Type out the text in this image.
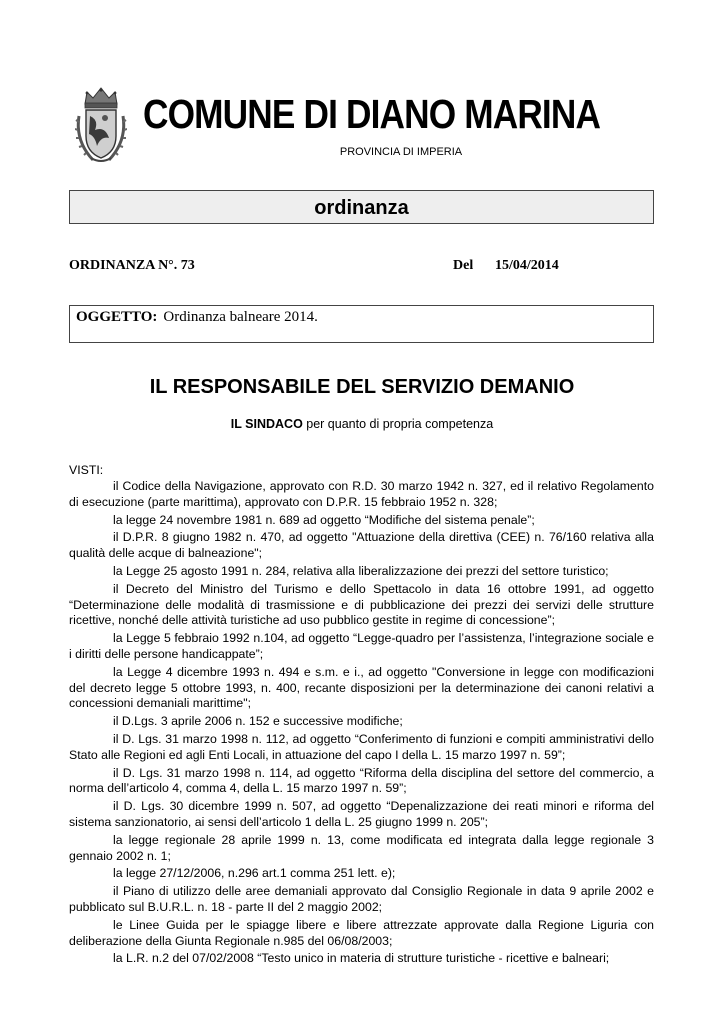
COMUNE DI DIANO MARINA
PROVINCIA DI IMPERIA
ordinanza
ORDINANZA N°. 73	Del 15/04/2014
OGGETTO: Ordinanza balneare 2014.
IL RESPONSABILE DEL SERVIZIO DEMANIO
IL SINDACO per quanto di propria competenza
VISTI:

il Codice della Navigazione, approvato con R.D. 30 marzo 1942 n. 327, ed il relativo Regolamento di esecuzione (parte marittima), approvato con D.P.R. 15 febbraio 1952 n. 328;

la legge 24 novembre 1981 n. 689 ad oggetto “Modifiche del sistema penale”;

il D.P.R. 8 giugno 1982 n. 470, ad oggetto "Attuazione della direttiva (CEE) n. 76/160 relativa alla qualità delle acque di balneazione";

la Legge 25 agosto 1991 n. 284, relativa alla liberalizzazione dei prezzi del settore turistico;

il Decreto del Ministro del Turismo e dello Spettacolo in data 16 ottobre 1991, ad oggetto “Determinazione delle modalità di trasmissione e di pubblicazione dei prezzi dei servizi delle strutture ricettive, nonché delle attività turistiche ad uso pubblico gestite in regime di concessione”;

la Legge 5 febbraio 1992 n.104, ad oggetto “Legge-quadro per l’assistenza, l’integrazione sociale e i diritti delle persone handicappate”;

la Legge 4 dicembre 1993 n. 494 e s.m. e i., ad oggetto "Conversione in legge con modificazioni del decreto legge 5 ottobre 1993, n. 400, recante disposizioni per la determinazione dei canoni relativi a concessioni demaniali marittime";

il D.Lgs. 3 aprile 2006 n. 152 e successive modifiche;

il D. Lgs. 31 marzo 1998 n. 112, ad oggetto “Conferimento di funzioni e compiti amministrativi dello Stato alle Regioni ed agli Enti Locali, in attuazione del capo I della L. 15 marzo 1997 n. 59”;

il D. Lgs. 31 marzo 1998 n. 114, ad oggetto “Riforma della disciplina del settore del commercio, a norma dell’articolo 4, comma 4, della L. 15 marzo 1997 n. 59”;

il D. Lgs. 30 dicembre 1999 n. 507, ad oggetto “Depenalizzazione dei reati minori e riforma del sistema sanzionatorio, ai sensi dell’articolo 1 della L. 25 giugno 1999 n. 205”;

la legge regionale 28 aprile 1999 n. 13, come modificata ed integrata dalla legge regionale 3 gennaio 2002 n. 1;

la legge 27/12/2006, n.296 art.1 comma 251 lett. e);

il Piano di utilizzo delle aree demaniali approvato dal Consiglio Regionale in data 9 aprile 2002 e pubblicato sul B.U.R.L. n. 18 - parte II del 2 maggio 2002;

le Linee Guida per le spiagge libere e libere attrezzate approvate dalla Regione Liguria con deliberazione della Giunta Regionale n.985 del 06/08/2003;

la L.R. n.2 del 07/02/2008 “Testo unico in materia di strutture turistiche - ricettive e balneari;
